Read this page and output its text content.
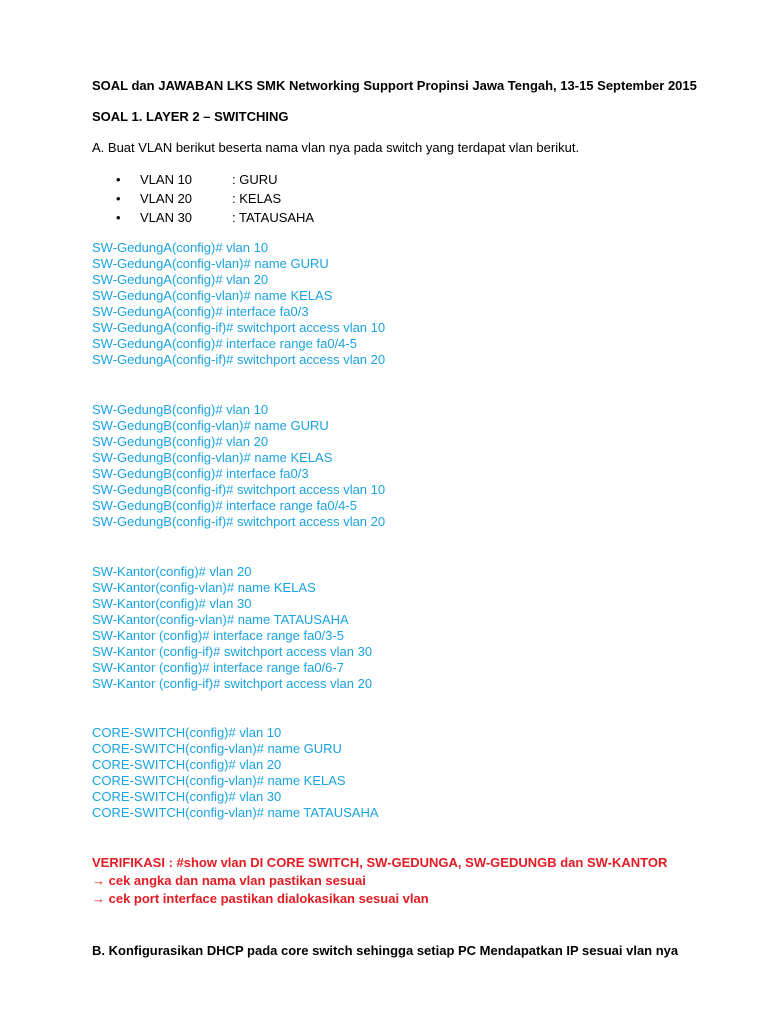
SOAL dan JAWABAN LKS SMK Networking Support Propinsi Jawa Tengah, 13-15 September 2015
SOAL 1. LAYER 2 – SWITCHING
A. Buat VLAN berikut beserta nama vlan nya pada switch yang terdapat vlan berikut.
• VLAN 10	: GURU
• VLAN 20	: KELAS
• VLAN 30	: TATAUSAHA
SW-GedungA(config)# vlan 10
SW-GedungA(config-vlan)# name GURU
SW-GedungA(config)# vlan 20
SW-GedungA(config-vlan)# name KELAS
SW-GedungA(config)# interface fa0/3
SW-GedungA(config-if)# switchport access vlan 10
SW-GedungA(config)# interface range fa0/4-5
SW-GedungA(config-if)# switchport access vlan 20
SW-GedungB(config)# vlan 10
SW-GedungB(config-vlan)# name GURU
SW-GedungB(config)# vlan 20
SW-GedungB(config-vlan)# name KELAS
SW-GedungB(config)# interface fa0/3
SW-GedungB(config-if)# switchport access vlan 10
SW-GedungB(config)# interface range fa0/4-5
SW-GedungB(config-if)# switchport access vlan 20
SW-Kantor(config)# vlan 20
SW-Kantor(config-vlan)# name KELAS
SW-Kantor(config)# vlan 30
SW-Kantor(config-vlan)# name TATAUSAHA
SW-Kantor (config)# interface range fa0/3-5
SW-Kantor (config-if)# switchport access vlan 30
SW-Kantor (config)# interface range fa0/6-7
SW-Kantor (config-if)# switchport access vlan 20
CORE-SWITCH(config)# vlan 10
CORE-SWITCH(config-vlan)# name GURU
CORE-SWITCH(config)# vlan 20
CORE-SWITCH(config-vlan)# name KELAS
CORE-SWITCH(config)# vlan 30
CORE-SWITCH(config-vlan)# name TATAUSAHA
VERIFIKASI : #show vlan DI CORE SWITCH, SW-GEDUNGA, SW-GEDUNGB dan SW-KANTOR
→ cek angka dan nama vlan pastikan sesuai
→ cek port interface pastikan dialokasikan sesuai vlan
B. Konfigurasikan DHCP pada core switch sehingga setiap PC Mendapatkan IP sesuai vlan nya
